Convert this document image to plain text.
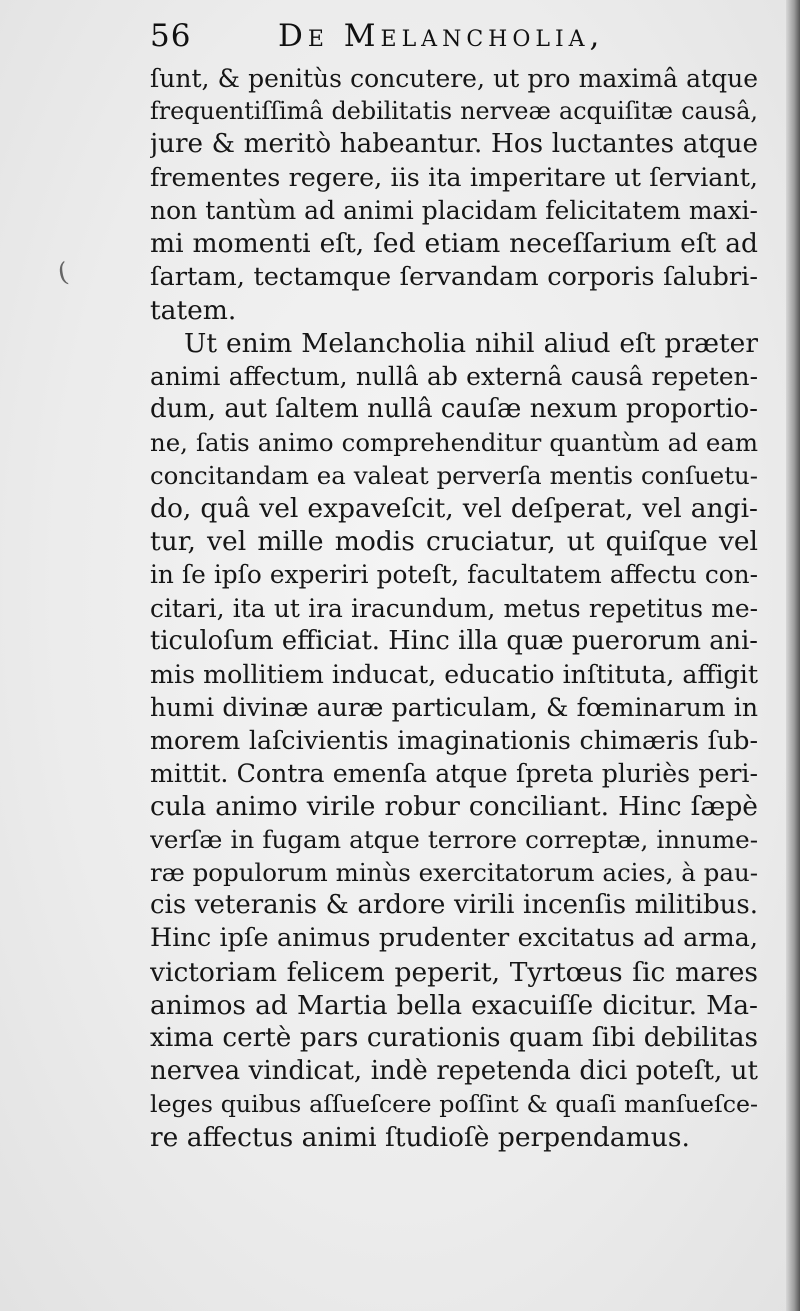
(
56	De Melancholia,
ſunt, & penitùs concutere, ut pro maximâ atque
frequentiſſimâ debilitatis nerveæ acquiſitæ causâ,
jure & meritò habeantur. Hos luctantes atque
frementes regere, iis ita imperitare ut ſerviant,
non tantùm ad animi placidam felicitatem maxi-
mi momenti eſt, ſed etiam neceſſarium eſt ad
ſartam, tectamque ſervandam corporis ſalubri-
tatem.
Ut enim Melancholia nihil aliud eſt præter
animi affectum, nullâ ab externâ causâ repeten-
dum, aut ſaltem nullâ cauſæ nexum proportio-
ne, ſatis animo comprehenditur quantùm ad eam
concitandam ea valeat perverſa mentis conſuetu-
do, quâ vel expaveſcit, vel deſperat, vel angi-
tur, vel mille modis cruciatur, ut quiſque vel
in ſe ipſo experiri poteſt, facultatem affectu con-
citari, ita ut ira iracundum, metus repetitus me-
ticuloſum efficiat. Hinc illa quæ puerorum ani-
mis mollitiem inducat, educatio inſtituta, affigit
humi divinæ auræ particulam, & fœminarum in
morem laſcivientis imaginationis chimæris ſub-
mittit. Contra emenſa atque ſpreta pluriès peri-
cula animo virile robur conciliant. Hinc ſæpè
verſæ in fugam atque terrore correptæ, innume-
ræ populorum minùs exercitatorum acies, à pau-
cis veteranis & ardore virili incenſis militibus.
Hinc ipſe animus prudenter excitatus ad arma,
victoriam felicem peperit, Tyrtœus ſic mares
animos ad Martia bella exacuiſſe dicitur. Ma-
xima certè pars curationis quam ſibi debilitas
nervea vindicat, indè repetenda dici poteſt, ut
leges quibus aſſueſcere poſſint & quaſi manſueſce-
re affectus animi ſtudioſè perpendamus.
